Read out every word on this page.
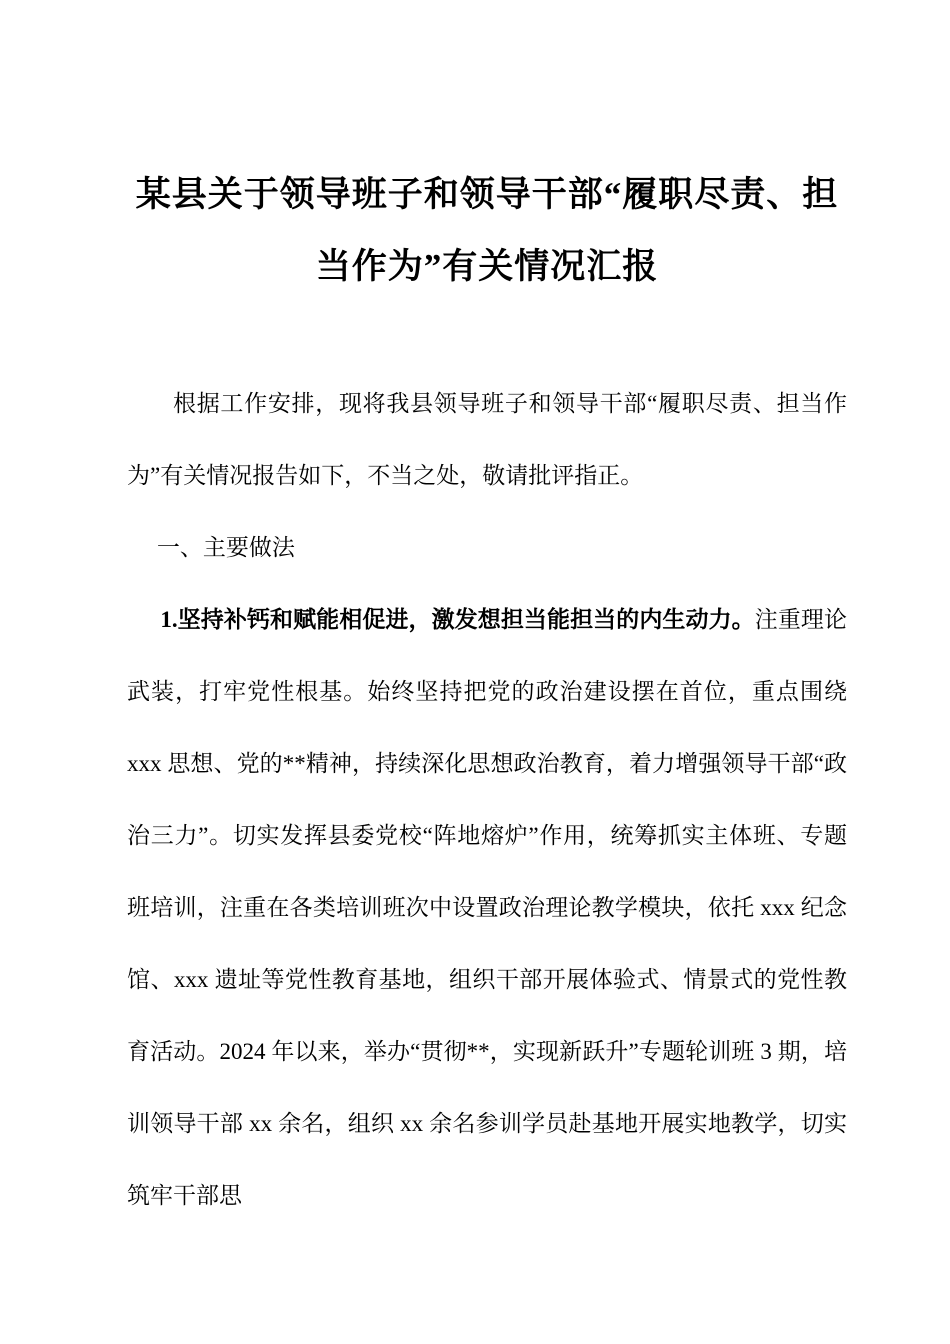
某县关于领导班子和领导干部“履职尽责、担当作为”有关情况汇报

根据工作安排，现将我县领导班子和领导干部“履职尽责、担当作为”有关情况报告如下，不当之处，敬请批评指正。

一、主要做法

1.坚持补钙和赋能相促进，激发想担当能担当的内生动力。注重理论武装，打牢党性根基。始终坚持把党的政治建设摆在首位，重点围绕 xxx 思想、党的**精神，持续深化思想政治教育，着力增强领导干部“政治三力”。切实发挥县委党校“阵地熔炉”作用，统筹抓实主体班、专题班培训，注重在各类培训班次中设置政治理论教学模块，依托 xxx 纪念馆、xxx 遗址等党性教育基地，组织干部开展体验式、情景式的党性教育活动。2024 年以来，举办“贯彻**，实现新跃升”专题轮训班 3 期，培训领导干部 xx 余名，组织 xx 余名参训学员赴基地开展实地教学，切实筑牢干部思
